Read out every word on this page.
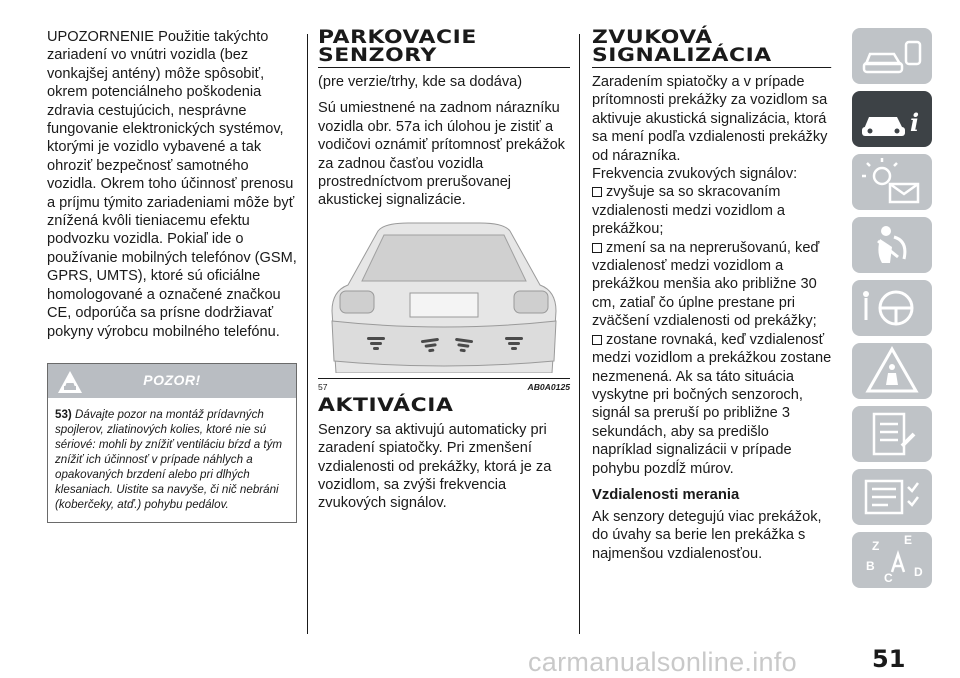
UPOZORNENIE Použitie takýchto zariadení vo vnútri vozidla (bez vonkajšej antény) môže spôsobiť, okrem potenciálneho poškodenia zdravia cestujúcich, nesprávne fungovanie elektronických systémov, ktorými je vozidlo vybavené a tak ohroziť bezpečnosť samotného vozidla. Okrem toho účinnosť prenosu a príjmu týmito zariadeniami môže byť znížená kvôli tieniacemu efektu podvozku vozidla. Pokiaľ ide o používanie mobilných telefónov (GSM, GPRS, UMTS), ktoré sú oficiálne homologované a označené značkou CE, odporúča sa prísne dodržiavať pokyny výrobcu mobilného telefónu.

POZOR!
53) Dávajte pozor na montáž prídavných spojlerov, zliatinových kolies, ktoré nie sú sériové: mohli by znížiť ventiláciu bŕzd a tým znížiť ich účinnosť v prípade náhlych a opakovaných brzdení alebo pri dlhých klesaniach. Uistite sa navyše, či nič nebráni (koberčeky, atď.) pohybu pedálov.
PARKOVACIE
SENZORY

(pre verzie/trhy, kde sa dodáva)

Sú umiestnené na zadnom nárazníku vozidla obr. 57a ich úlohou je zistiť a vodičovi oznámiť prítomnosť prekážok za zadnou časťou vozidla prostredníctvom prerušovanej akustickej signalizácie.

57	AB0A0125
AKTIVÁCIA

Senzory sa aktivujú automaticky pri zaradení spiatočky. Pri zmenšení vzdialenosti od prekážky, ktorá je za vozidlom, sa zvýši frekvencia zvukových signálov.

ZVUKOVÁ SIGNALIZÁCIA

Zaradením spiatočky a v prípade prítomnosti prekážky za vozidlom sa aktivuje akustická signalizácia, ktorá sa mení podľa vzdialenosti prekážky od nárazníka.

Frekvencia zvukových signálov:

zvyšuje sa so skracovaním vzdialenosti medzi vozidlom a prekážkou;

zmení sa na neprerušovanú, keď vzdialenosť medzi vozidlom a prekážkou menšia ako približne 30 cm, zatiaľ čo úplne prestane pri zväčšení vzdialenosti od prekážky;

zostane rovnaká, keď vzdialenosť medzi vozidlom a prekážkou zostane nezmenená. Ak sa táto situácia vyskytne pri bočných senzoroch, signál sa preruší po približne 3 sekundách, aby sa predišlo napríklad signalizácii v prípade pohybu pozdĺž múrov.

Vzdialenosti merania

Ak senzory detegujú viac prekážok, do úvahy sa berie len prekážka s najmenšou vzdialenosťou.

i
Z E
B
C D
carmanualsonline.info	51
